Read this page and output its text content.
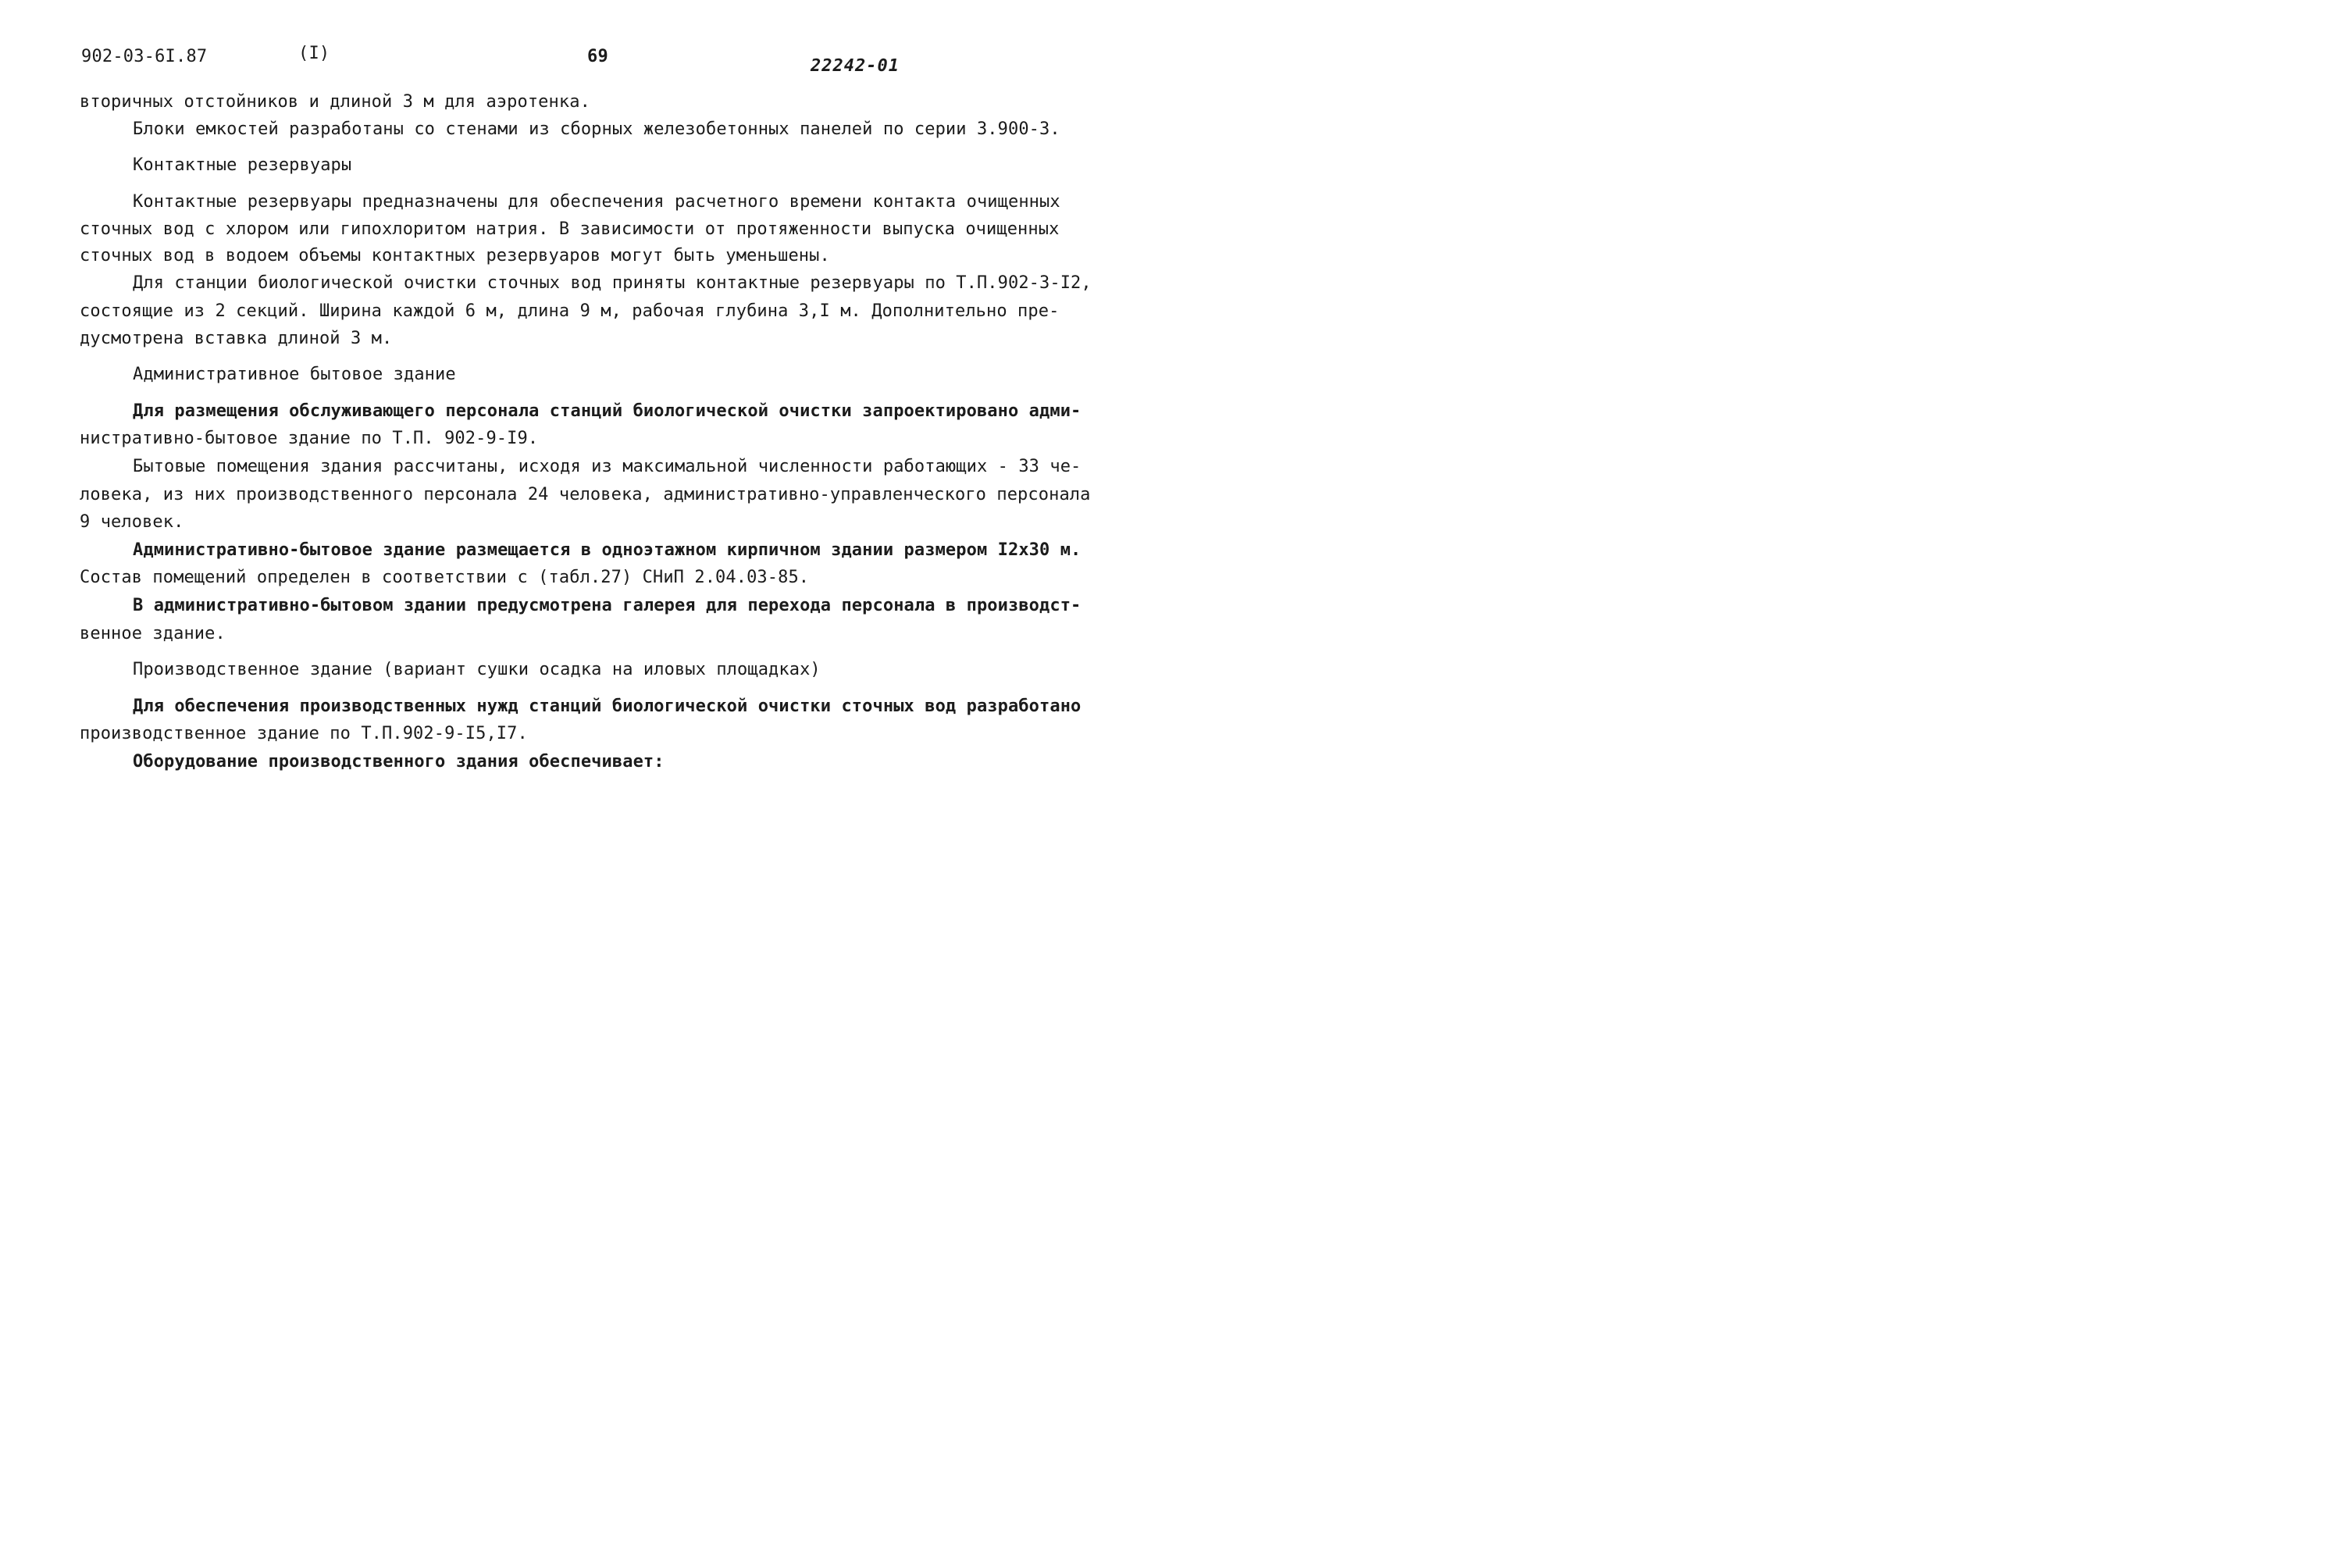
902-03-6I.87	(I)	69	22242-01
вторичных отстойников и длиной 3 м для аэротенка.
Блоки емкостей разработаны со стенами из сборных железобетонных панелей по серии 3.900-3.
Контактные резервуары
Контактные резервуары предназначены для обеспечения расчетного времени контакта очищенных
сточных вод с хлором или гипохлоритом натрия. В зависимости от протяженности выпуска очищенных
сточных вод в водоем объемы контактных резервуаров могут быть уменьшены.
Для станции биологической очистки сточных вод приняты контактные резервуары по Т.П.902-3-I2,
состоящие из 2 секций. Ширина каждой 6 м, длина 9 м, рабочая глубина 3,I м. Дополнительно пре-
дусмотрена вставка длиной 3 м.
Административное бытовое здание
Для размещения обслуживающего персонала станций биологической очистки запроектировано адми-
нистративно-бытовое здание по Т.П. 902-9-I9.
Бытовые помещения здания рассчитаны, исходя из максимальной численности работающих - 33 че-
ловека, из них производственного персонала 24 человека, административно-управленческого персонала
9 человек.
Административно-бытовое здание размещается в одноэтажном кирпичном здании размером I2x30 м.
Состав помещений определен в соответствии с (табл.27) СНиП 2.04.03-85.
В административно-бытовом здании предусмотрена галерея для перехода персонала в производст-
венное здание.
Производственное здание (вариант сушки осадка на иловых площадках)
Для обеспечения производственных нужд станций биологической очистки сточных вод разработано
производственное здание по Т.П.902-9-I5,I7.
Оборудование производственного здания обеспечивает:
